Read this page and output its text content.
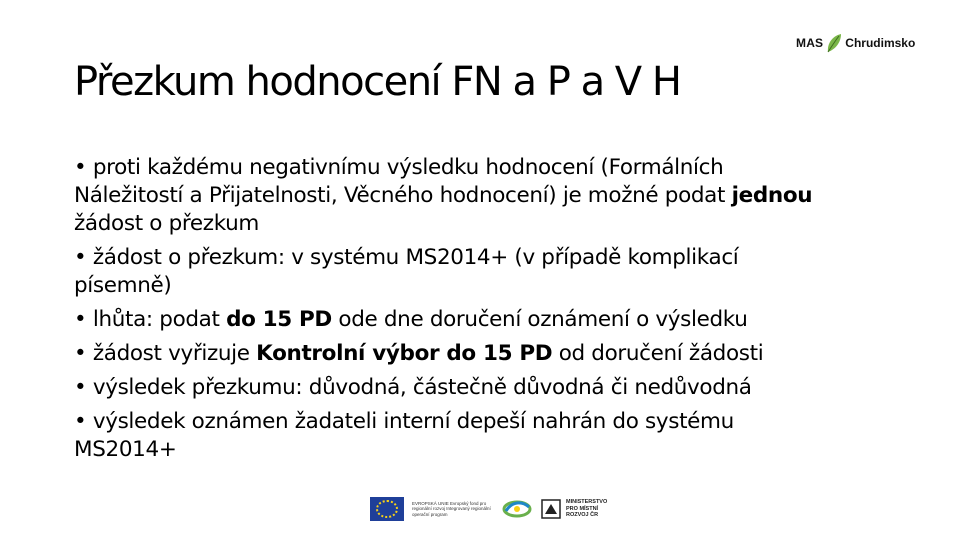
MAS Chrudimsko
Přezkum hodnocení FN a P a V H
• proti každému negativnímu výsledku hodnocení (Formálních Náležitostí a Přijatelnosti, Věcného hodnocení) je možné podat jednou žádost o přezkum
• žádost o přezkum: v systému MS2014+ (v případě komplikací písemně)
• lhůta: podat do 15 PD ode dne doručení oznámení o výsledku
• žádost vyřizuje Kontrolní výbor do 15 PD od doručení žádosti
• výsledek přezkumu: důvodná, částečně důvodná či nedůvodná
• výsledek oznámen žadateli interní depeší nahrán do systému MS2014+
EVROPSKÁ UNIE Evropský fond pro regionální rozvoj Integrovaný regionální operační program
MINISTERSTVO PRO MÍSTNÍ ROZVOJ ČR
